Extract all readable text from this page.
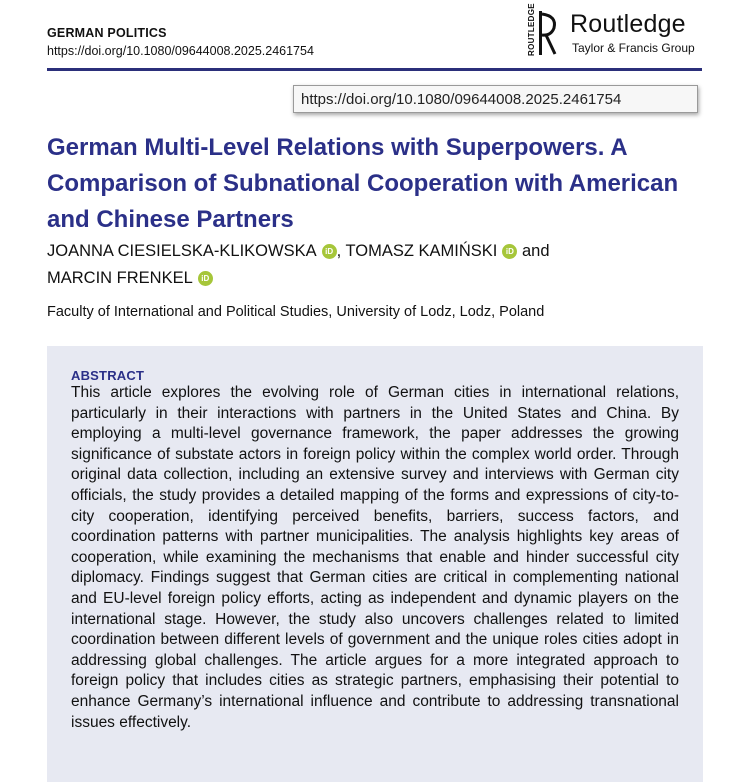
GERMAN POLITICS
https://doi.org/10.1080/09644008.2025.2461754	ROUTLEDGE Routledge
Taylor & Francis Group
https://doi.org/10.1080/09644008.2025.2461754
German Multi-Level Relations with Superpowers. A Comparison of Subnational Cooperation with American and Chinese Partners
JOANNA CIESIELSKA-KLIKOWSKA iD , TOMASZ KAMIŃSKI iD and
MARCIN FRENKEL iD
Faculty of International and Political Studies, University of Lodz, Lodz, Poland
ABSTRACT

This article explores the evolving role of German cities in international relations, particularly in their interactions with partners in the United States and China. By employing a multi-level governance framework, the paper addresses the growing significance of substate actors in foreign policy within the complex world order. Through original data collection, including an extensive survey and interviews with German city officials, the study provides a detailed mapping of the forms and expressions of city-to-city cooperation, identifying perceived benefits, barriers, success factors, and coordination patterns with partner municipalities. The analysis highlights key areas of cooperation, while examining the mechanisms that enable and hinder successful city diplomacy. Findings suggest that German cities are critical in complementing national and EU-level foreign policy efforts, acting as independent and dynamic players on the international stage. However, the study also uncovers challenges related to limited coordination between different levels of government and the unique roles cities adopt in addressing global challenges. The article argues for a more integrated approach to foreign policy that includes cities as strategic partners, emphasising their potential to enhance Germany’s international influence and contribute to addressing transnational issues effectively.
